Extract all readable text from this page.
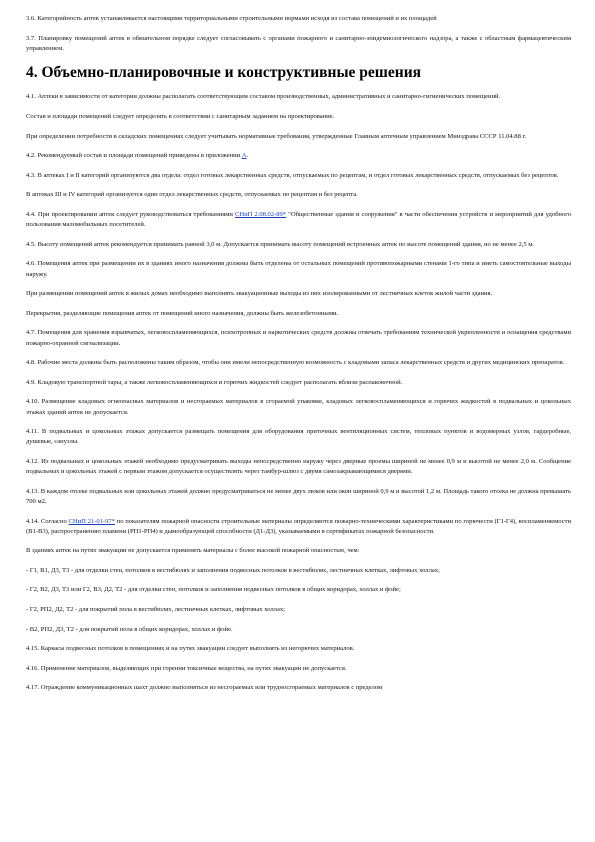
3.6. Категорийность аптек устанавливается настоящими территориальными строительными нормами исходя из состава помещений и их площадей

3.7. Планировку помещений аптек в обязательном порядке следует согласовывать с органами пожарного и санитарно-эпидемиологического надзора, а также с областным фармацевтическим управлением.

4. Объемно-планировочные и конструктивные решения

4.1. Аптеки в зависимости от категории должны располагать соответствующим составом производственных, административных и санитарно-гигиенических помещений.

Состав и площади помещений следует определять в соответствии с санитарным заданием на проектирование.

При определении потребности в складских помещениях следует учитывать нормативные требования, утвержденные Главным аптечным управлением Минздрава СССР 11.04.88 г.

4.2. Рекомендуемый состав и площади помещений приведены в приложении А.

4.3. В аптеках I и II категорий организуются два отдела: отдел готовых лекарственных средств, отпускаемых по рецептам, и отдел готовых лекарственных средств, отпускаемых без рецептов.

В аптеках III и IV категорий организуется один отдел лекарственных средств, отпускаемых по рецептам и без рецепта.

4.4. При проектировании аптек следует руководствоваться требованиями СНиП 2.08.02-89* "Общественные здания и сооружения" в части обеспечения устройств и мероприятий для удобного пользования маломобильных посетителей.

4.5. Высоту помещений аптек рекомендуется принимать равной 3,0 м. Допускается принимать высоту помещений встроенных аптек по высоте помещений здания, но не менее 2,5 м.

4.6. Помещения аптек при размещении их в зданиях иного назначения должны быть отделены от остальных помещений противопожарными стенами 1-го типа и иметь самостоятельные выходы наружу.

При размещении помещений аптек в жилых домах необходимо выполнять эвакуационные выходы из них изолированными от лестничных клеток жилой части здания.

Перекрытия, разделяющие помещения аптек от помещений иного назначения, должны быть железобетонными.

4.7. Помещения для хранения взрывчатых, легковоспламеняющихся, психотропных и наркотических средств должны отвечать требованиям технической укрепленности и оснащения средствами пожарно-охранной сигнализации.

4.8. Рабочие места должны быть расположены таким образом, чтобы они имели непосредственную возможность с кладовыми запаса лекарственных средств и других медицинских препаратов.

4.9. Кладовую транспортной тары, а также легковоспламеняющихся и горючих жидкостей следует располагать вблизи распаковочной.

4.10. Размещение кладовых огнеопасных материалов и несгораемых материалов в сгораемой упаковке, кладовых легковоспламеняющихся и горючих жидкостей в подвальных и цокольных этажах зданий аптек не допускается.

4.11. В подвальных и цокольных этажах допускается размещать помещения для оборудования приточных вентиляционных систем, тепловых пунктов и водомерных узлов, гардеробные, душевые, санузлы.

4.12. Из подвальных и цокольных этажей необходимо предусматривать выходы непосредственно наружу через дверные проемы шириной не менее 0,9 м и высотой не менее 2,0 м. Сообщение подвальных и цокольных этажей с первым этажом допускается осуществлять через тамбур-шлюз с двумя самозакрывающимися дверями.

4.13. В каждом отсеке подвальных или цокольных этажей должно предусматриваться не менее двух люков или окон шириной 0,9 м и высотой 1,2 м. Площадь такого отсека не должна превышать 700 м2.

4.14. Согласно СНиП 21-01-97* по показателям пожарной опасности строительные материалы определяются пожарно-техническими характеристиками по горючести (Г1-Г4), воспламеняемости (В1-В3), распространению пламени (РП1-РП4) и дымообразующей способности (Д1-Д3), указываемыми в сертификатах пожарной безопасности.

В зданиях аптек на путях эвакуации не допускается применять материалы с более высокой пожарной опасностью, чем:

- Г1, В1, Д3, Т3 - для отделки стен, потолков в вестибюлях и заполнения подвесных потолков в вестибюлях, лестничных клетках, лифтовых холлах;

- Г2, В2, Д3, Т3 или Г2, В3, Д2, Т2 - для отделки стен, потолков и заполнения подвесных потолков в общих коридорах, холлах и фойе;

- Г2, РП2, Д2, Т2 - для покрытий пола в вестибюлях, лестничных клетках, лифтовых холлах;

- В2, РП2, Д3, Т2 - для покрытий пола в общих коридорах, холлах и фойе.

4.15. Каркасы подвесных потолков в помещениях и на путях эвакуации следует выполнять из негорючих материалов.

4.16. Применение материалов, выделяющих при горении токсичные вещества, на путях эвакуации не допускается.

4.17. Ограждение коммуникационных шахт должно выполняться из несгораемых или трудносгораемых материалов с пределом
